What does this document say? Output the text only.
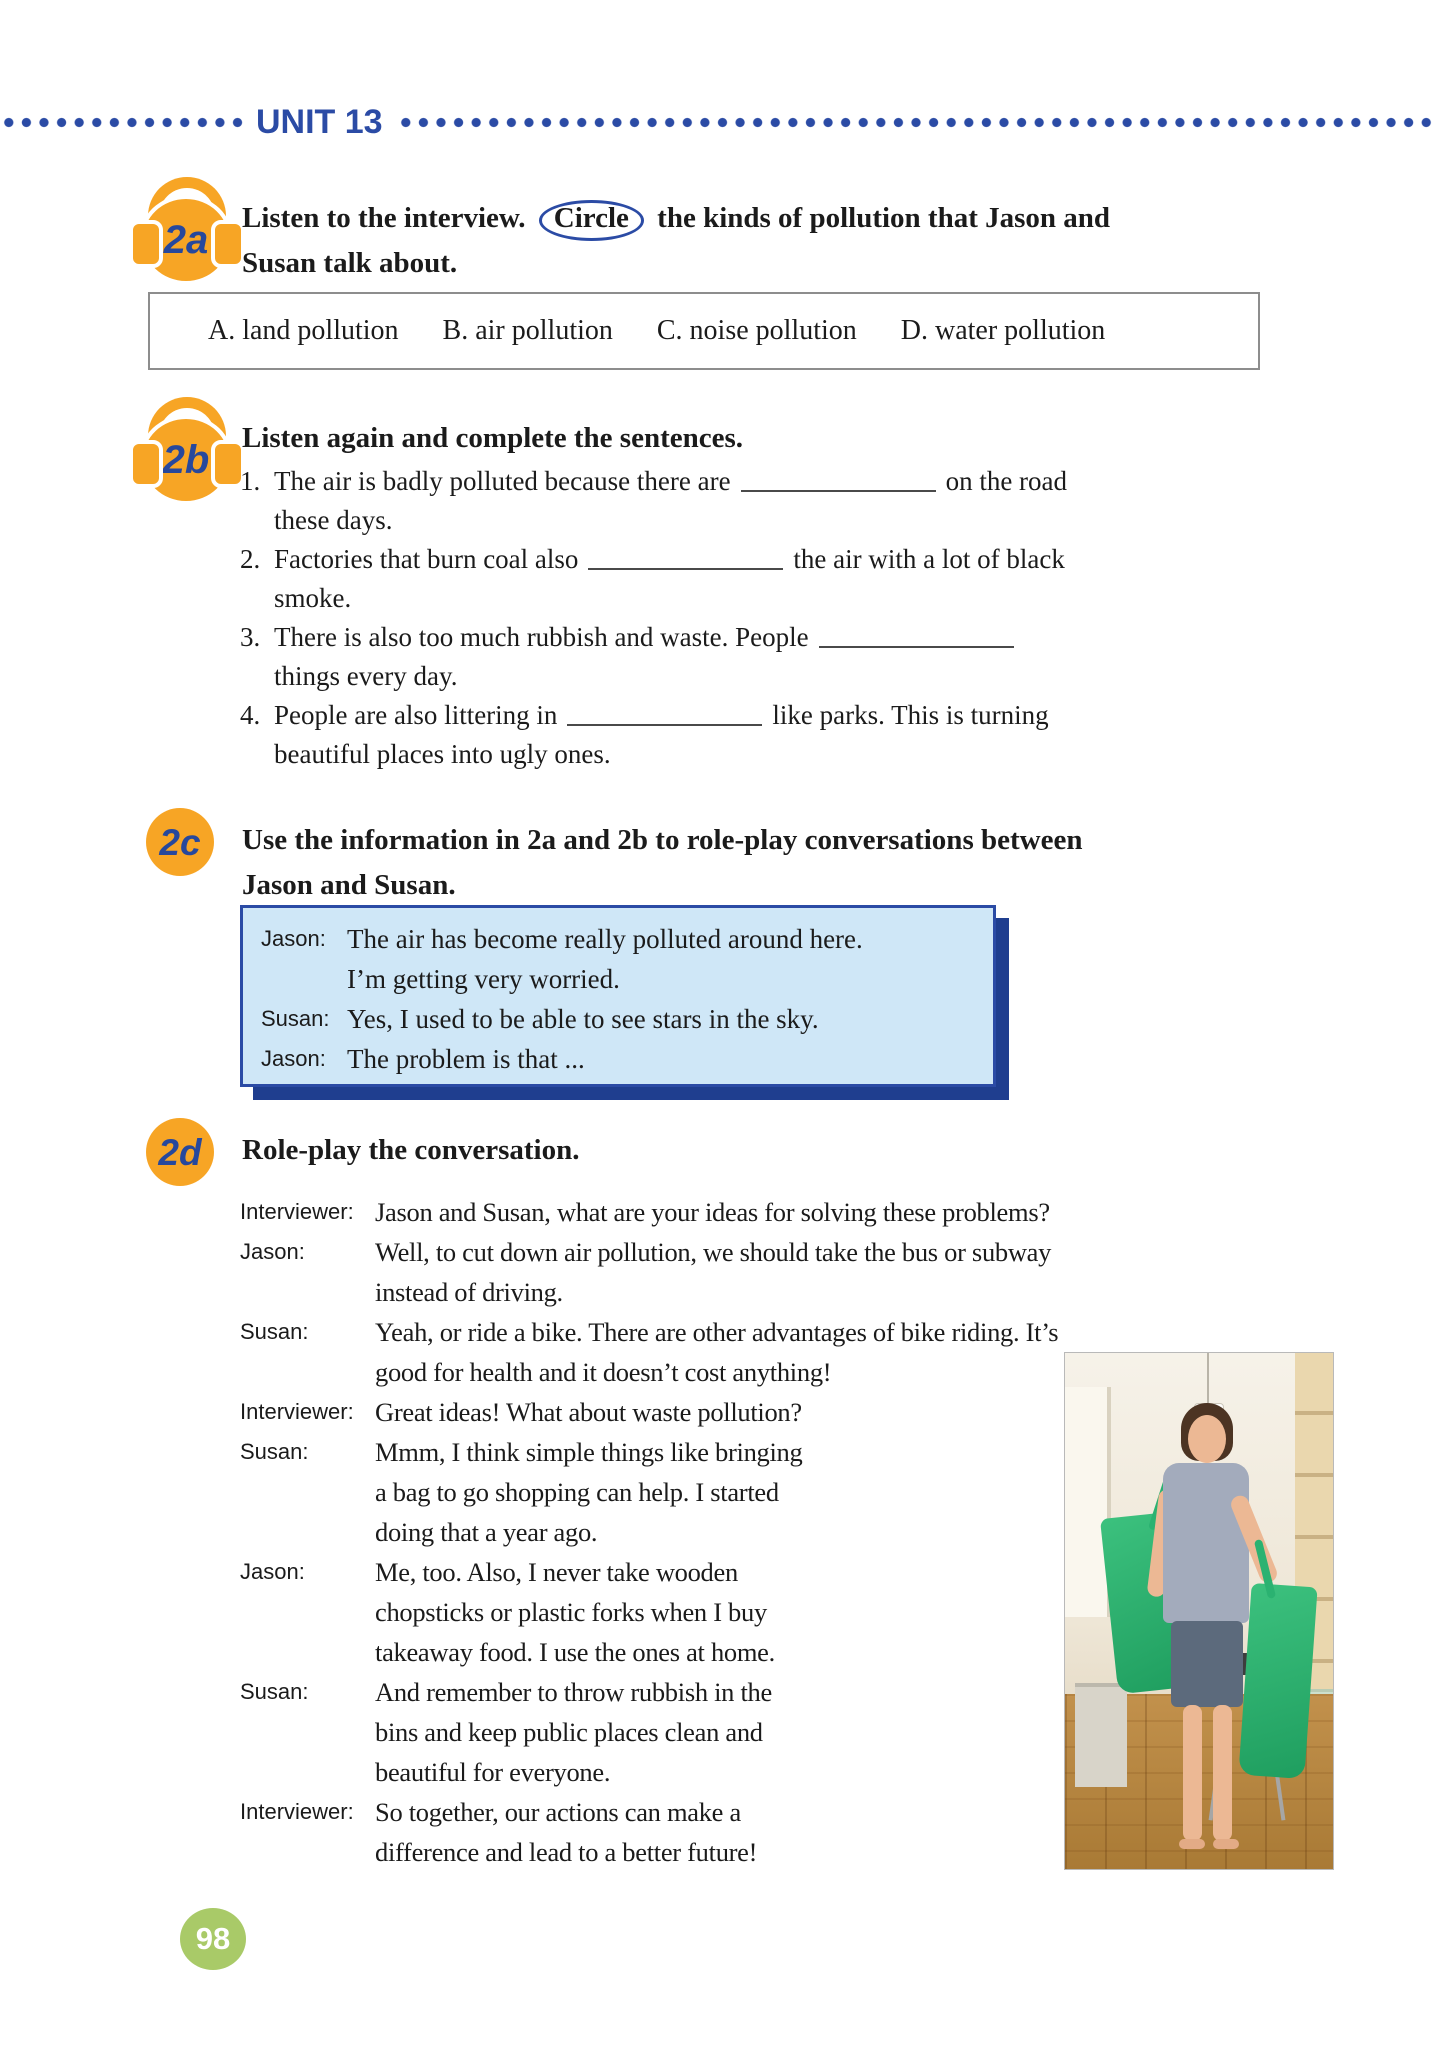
UNIT 13
2a Listen to the interview. Circle the kinds of pollution that Jason and
Susan talk about.
A. land pollution B. air pollution C. noise pollution D. water pollution
2b Listen again and complete the sentences.
1. The air is badly polluted because there are	on the road
these days.
2. Factories that burn coal also	the air with a lot of black
smoke.
3. There is also too much rubbish and waste. People
things every day.
4. People are also littering in	like parks. This is turning
beautiful places into ugly ones.
2c Use the information in 2a and 2b to role-play conversations between
Jason and Susan.
Jason: The air has become really polluted around here.
I’m getting very worried.
Susan: Yes, I used to be able to see stars in the sky.
Jason: The problem is that ...
2d Role-play the conversation.
Interviewer: Jason and Susan, what are your ideas for solving these problems?
Jason:	Well, to cut down air pollution, we should take the bus or subway
instead of driving.
Susan:	Yeah, or ride a bike. There are other advantages of bike riding. It’s
good for health and it doesn’t cost anything!
Interviewer: Great ideas! What about waste pollution?
Susan:	Mmm, I think simple things like bringing
a bag to go shopping can help. I started
doing that a year ago.
Jason:	Me, too. Also, I never take wooden
chopsticks or plastic forks when I buy
takeaway food. I use the ones at home.
Susan:	And remember to throw rubbish in the
bins and keep public places clean and
beautiful for everyone.
Interviewer: So together, our actions can make a
difference and lead to a better future!
98
